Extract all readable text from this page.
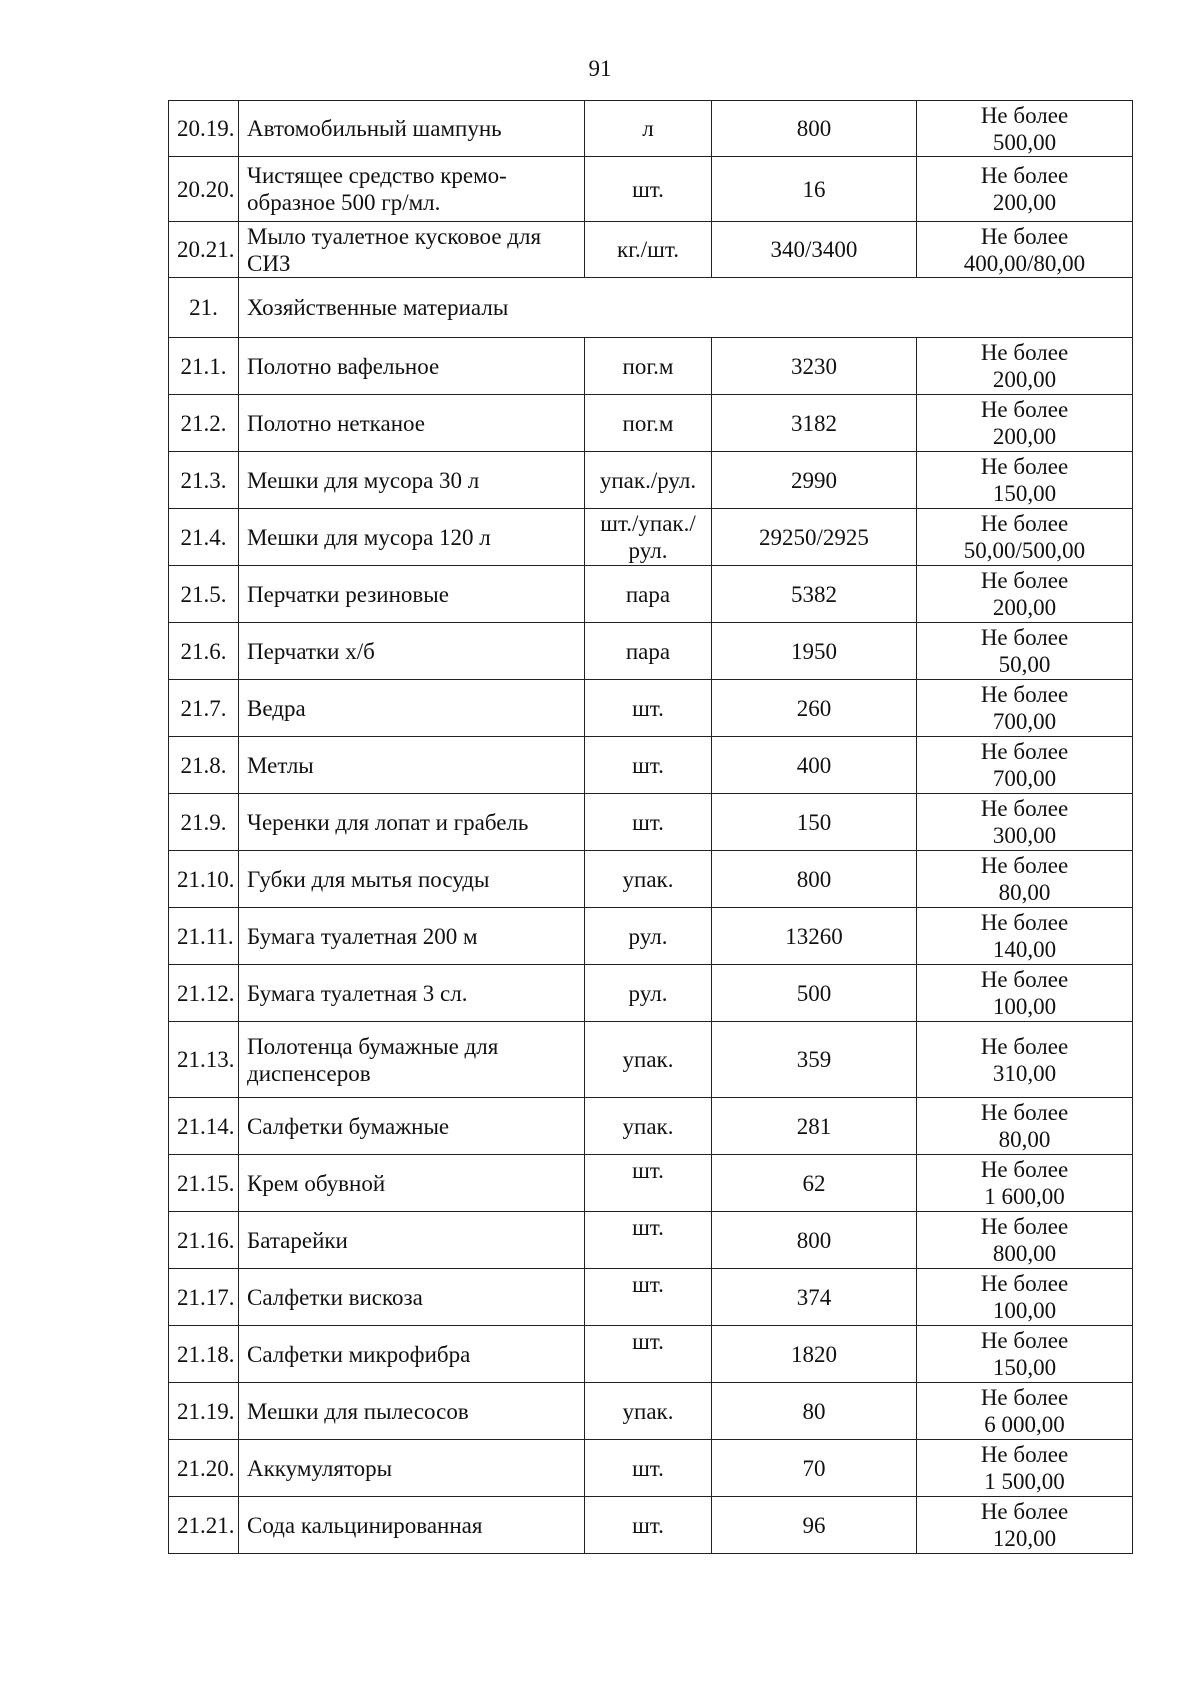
91
20.19.	Автомобильный шампунь	л	800	Не более
500,00

20.20.	Чистящее средство кремо-образное 500 гр/мл.	шт.	16	Не более
200,00

20.21.	Мыло туалетное кусковое для СИЗ	кг./шт.	340/3400	Не более
400,00/80,00

21.	Хозяйственные материалы			
21.1.	Полотно вафельное	пог.м	3230	Не более
200,00

21.2.	Полотно нетканое	пог.м	3182	Не более
200,00

21.3.	Мешки для мусора 30 л	упак./рул.	2990	Не более
150,00

21.4.	Мешки для мусора 120 л	шт./упак./ рул.	29250/2925	Не более
50,00/500,00

21.5.	Перчатки резиновые	пара	5382	Не более
200,00

21.6.	Перчатки х/б	пара	1950	Не более
50,00

21.7.	Ведра	шт.	260	Не более
700,00

21.8.	Метлы	шт.	400	Не более
700,00

21.9.	Черенки для лопат и грабель	шт.	150	Не более
300,00

21.10.	Губки для мытья посуды	упак.	800	Не более
80,00

21.11.	Бумага туалетная 200 м	рул.	13260	Не более
140,00

21.12.	Бумага туалетная 3 сл.	рул.	500	Не более
100,00

21.13.	Полотенца бумажные для диспенсеров	упак.	359	Не более
310,00

21.14.	Салфетки бумажные	упак.	281	Не более
80,00

21.15.	Крем обувной	шт.	62	Не более
1 600,00

21.16.	Батарейки	шт.	800	Не более
800,00

21.17.	Салфетки вискоза	шт.	374	Не более
100,00

21.18.	Салфетки микрофибра	шт.	1820	Не более
150,00

21.19.	Мешки для пылесосов	упак.	80	Не более
6 000,00

21.20.	Аккумуляторы	шт.	70	Не более
1 500,00

21.21.	Сода кальцинированная	шт.	96	Не более
120,00
